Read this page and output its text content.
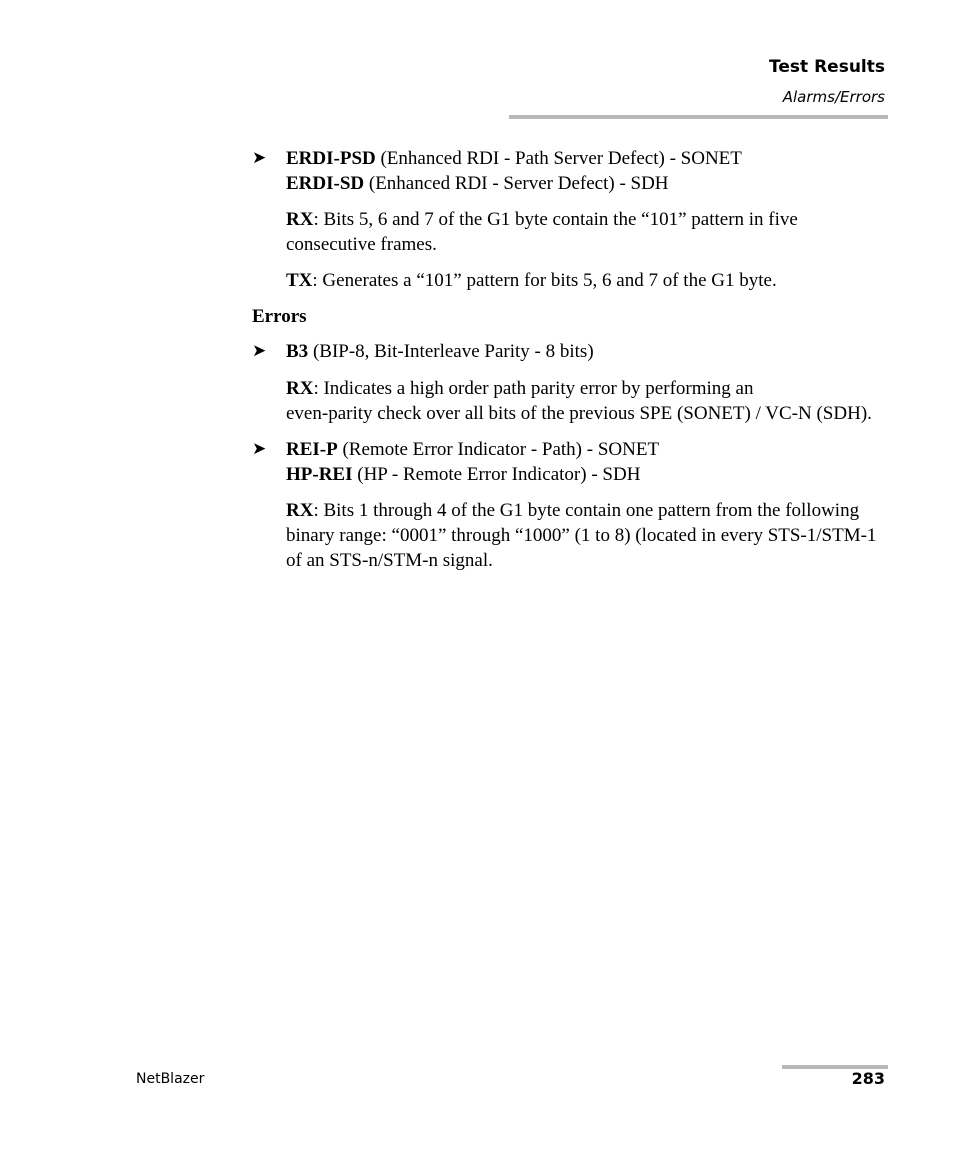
Test Results
Alarms/Errors
➤ ERDI-PSD (Enhanced RDI - Path Server Defect) - SONET
ERDI-SD (Enhanced RDI - Server Defect) - SDH

RX: Bits 5, 6 and 7 of the G1 byte contain the “101” pattern in five consecutive frames.

TX: Generates a “101” pattern for bits 5, 6 and 7 of the G1 byte.

Errors

➤ B3 (BIP-8, Bit-Interleave Parity - 8 bits)

RX: Indicates a high order path parity error by performing an
even-parity check over all bits of the previous SPE (SONET) / VC-N (SDH).

➤ REI-P (Remote Error Indicator - Path) - SONET
HP-REI (HP - Remote Error Indicator) - SDH

RX: Bits 1 through 4 of the G1 byte contain one pattern from the following binary range: “0001” through “1000” (1 to 8) (located in every STS-1/STM-1 of an STS-n/STM-n signal.

NetBlazer	283
